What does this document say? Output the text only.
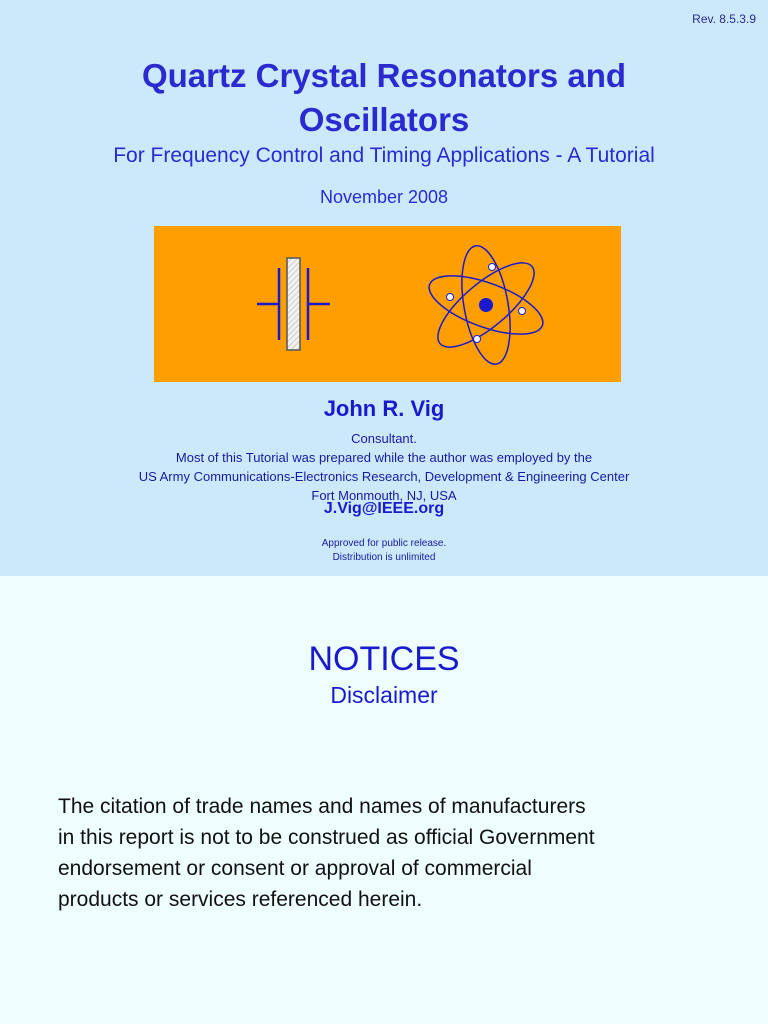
Rev. 8.5.3.9
Quartz Crystal Resonators and
Oscillators
For Frequency Control and Timing Applications - A Tutorial
November 2008
John R. Vig
Consultant.
Most of this Tutorial was prepared while the author was employed by the
US Army Communications-Electronics Research, Development & Engineering Center
Fort Monmouth, NJ, USA
J.Vig@IEEE.org
Approved for public release.
Distribution is unlimited
NOTICES
Disclaimer
The citation of trade names and names of manufacturers
in this report is not to be construed as official Government
endorsement or consent or approval of commercial
products or services referenced herein.
